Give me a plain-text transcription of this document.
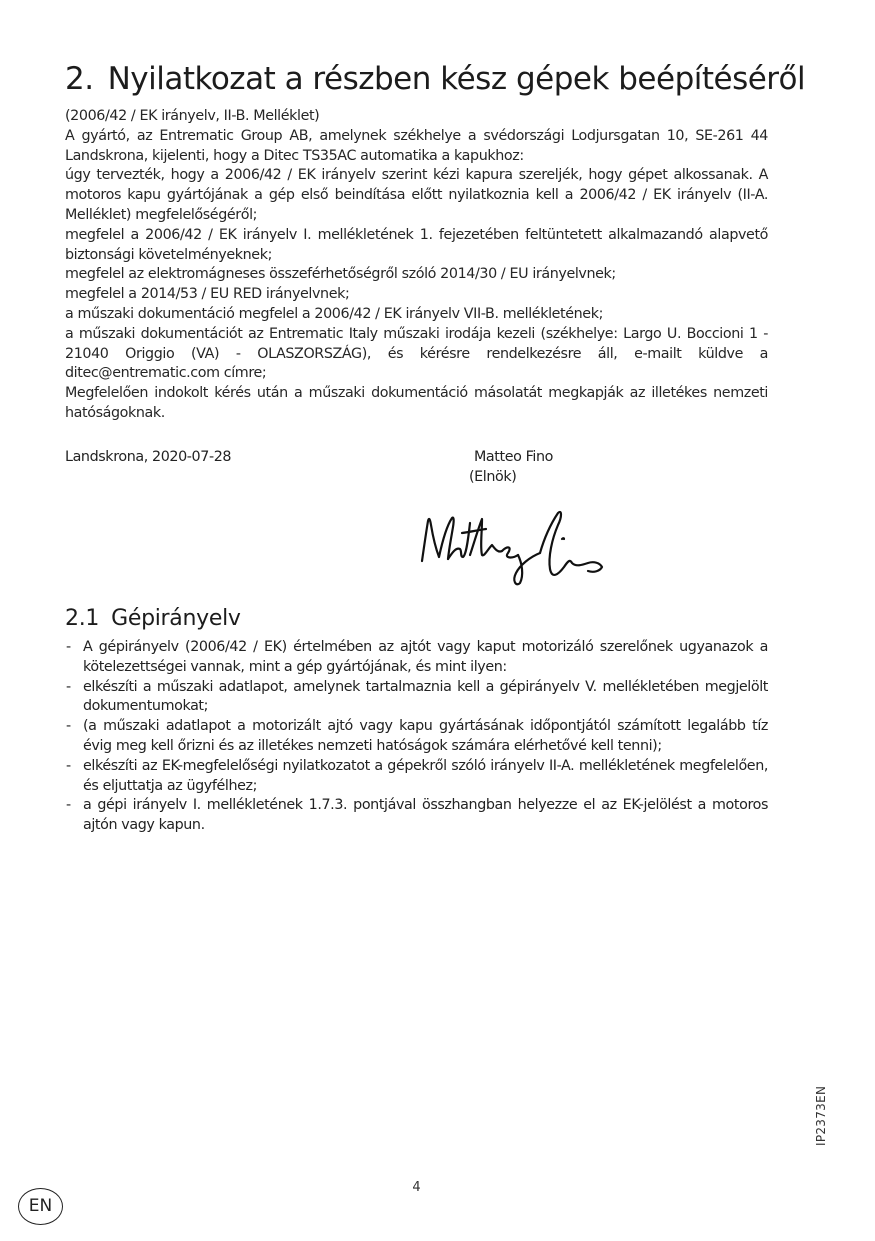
2. Nyilatkozat a részben kész gépek beépítéséről

(2006/42 / EK irányelv, II-B. Melléklet)

A gyártó, az Entrematic Group AB, amelynek székhelye a svédországi Lodjursgatan 10, SE-261 44 Landskrona, kijelenti, hogy a Ditec TS35AC automatika a kapukhoz:

úgy tervezték, hogy a 2006/42 / EK irányelv szerint kézi kapura szereljék, hogy gépet alkossanak. A motoros kapu gyártójának a gép első beindítása előtt nyilatkoznia kell a 2006/42 / EK irányelv (II-A. Melléklet) megfelelőségéről;

megfelel a 2006/42 / EK irányelv I. mellékletének 1. fejezetében feltüntetett alkalmazandó alapvető biztonsági követelményeknek;

megfelel az elektromágneses összeférhetőségről szóló 2014/30 / EU irányelvnek;

megfelel a 2014/53 / EU RED irányelvnek;

a műszaki dokumentáció megfelel a 2006/42 / EK irányelv VII-B. mellékletének;

a műszaki dokumentációt az Entrematic Italy műszaki irodája kezeli (székhelye: Largo U. Boccioni 1 - 21040 Origgio (VA) - OLASZORSZÁG), és kérésre rendelkezésre áll, e-mailt küldve a ditec@entrematic.com címre;

Megfelelően indokolt kérés után a műszaki dokumentáció másolatát megkapják az illetékes nemzeti hatóságoknak.

Landskrona, 2020-07-28	Matteo Fino
(Elnök)
2.1 Gépirányelv
- A gépirányelv (2006/42 / EK) értelmében az ajtót vagy kaput motorizáló szerelőnek ugyanazok a kötelezettségei vannak, mint a gép gyártójának, és mint ilyen:
- elkészíti a műszaki adatlapot, amelynek tartalmaznia kell a gépirányelv V. mellékletében megjelölt dokumentumokat;
- (a műszaki adatlapot a motorizált ajtó vagy kapu gyártásának időpontjától számított legalább tíz évig meg kell őrizni és az illetékes nemzeti hatóságok számára elérhetővé kell tenni);
- elkészíti az EK-megfelelőségi nyilatkozatot a gépekről szóló irányelv II-A. mellékletének megfelelően, és eljuttatja az ügyfélhez;
- a gépi irányelv I. mellékletének 1.7.3. pontjával összhangban helyezze el az EK-jelölést a motoros ajtón vagy kapun.
IP2373EN
4
EN
